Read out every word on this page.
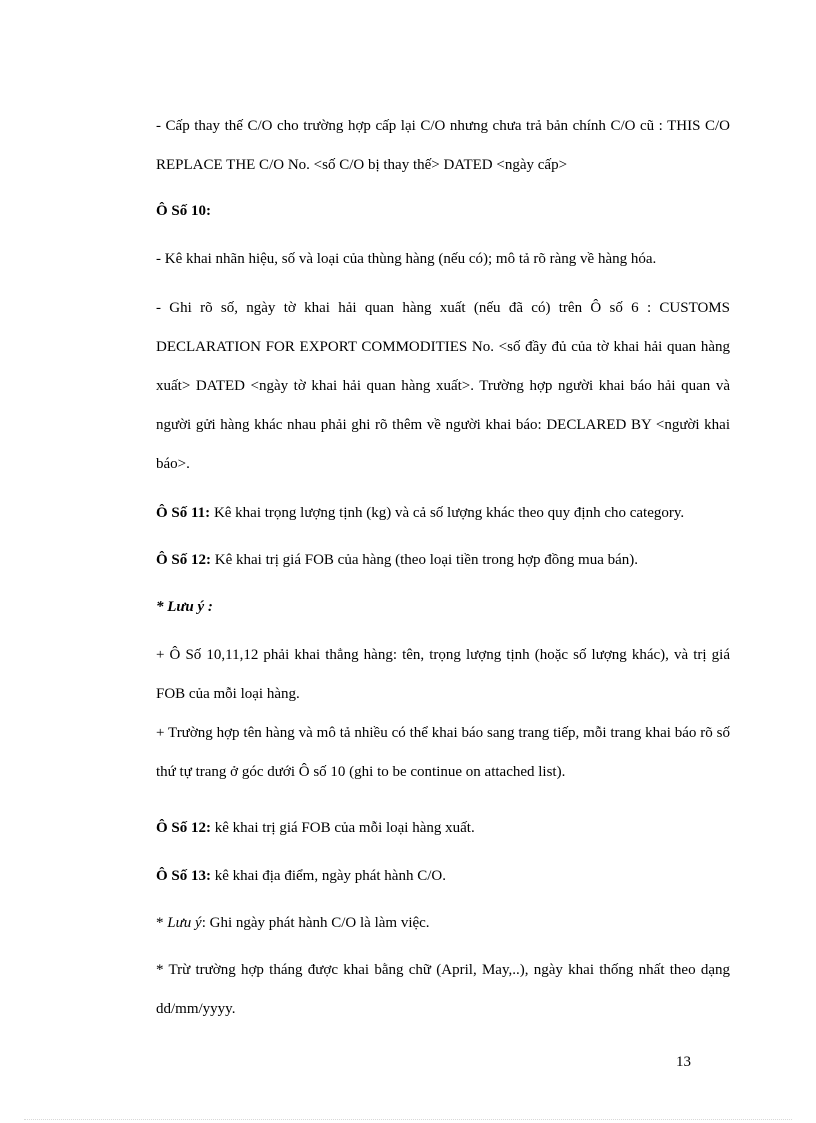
- Cấp thay thế C/O cho trường hợp cấp lại C/O nhưng chưa trả bản chính C/O cũ : THIS C/O REPLACE THE C/O No. <số C/O bị thay thế> DATED <ngày cấp>
Ô Số 10:
- Kê khai nhãn hiệu, số và loại của thùng hàng (nếu có); mô tả rõ ràng về hàng hóa.
- Ghi rõ số, ngày tờ khai hải quan hàng xuất (nếu đã có) trên Ô số 6 : CUSTOMS DECLARATION FOR EXPORT COMMODITIES No. <số đầy đủ của tờ khai hải quan hàng xuất> DATED <ngày tờ khai hải quan hàng xuất>. Trường hợp người khai báo hải quan và người gửi hàng khác nhau phải ghi rõ thêm về người khai báo: DECLARED BY <người khai báo>.
Ô Số 11: Kê khai trọng lượng tịnh (kg) và cả số lượng khác theo quy định cho category.
Ô Số 12: Kê khai trị giá FOB của hàng (theo loại tiền trong hợp đồng mua bán).
* Lưu ý :
+ Ô Số 10,11,12 phải khai thẳng hàng: tên, trọng lượng tịnh (hoặc số lượng khác), và trị giá FOB của mỗi loại hàng.
+ Trường hợp tên hàng và mô tả nhiều có thể khai báo sang trang tiếp, mỗi trang khai báo rõ số thứ tự trang ở góc dưới Ô số 10 (ghi to be continue on attached list).
Ô Số 12: kê khai trị giá FOB của mỗi loại hàng xuất.
Ô Số 13: kê khai địa điểm, ngày phát hành C/O.
* Lưu ý: Ghi ngày phát hành C/O là làm việc.
* Trừ trường hợp tháng được khai bằng chữ (April, May,..), ngày khai thống nhất theo dạng dd/mm/yyyy.
13
